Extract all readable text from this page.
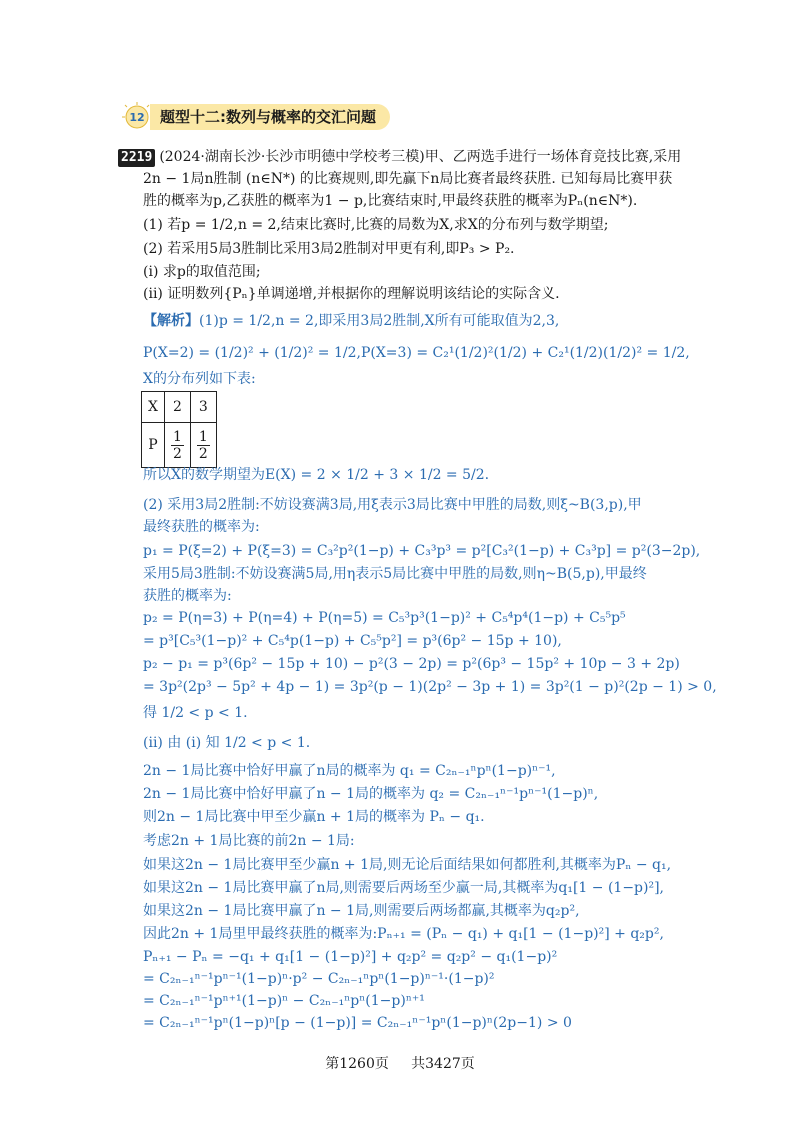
12	题型十二:数列与概率的交汇问题
2219 (2024·湖南长沙·长沙市明德中学校考三模)甲、乙两选手进行一场体育竞技比赛,采用
2n − 1局n胜制 (n∈N*) 的比赛规则,即先赢下n局比赛者最终获胜. 已知每局比赛甲获
胜的概率为p,乙获胜的概率为1 − p,比赛结束时,甲最终获胜的概率为Pₙ(n∈N*).
(1) 若p = 1/2,n = 2,结束比赛时,比赛的局数为X,求X的分布列与数学期望;
(2) 若采用5局3胜制比采用3局2胜制对甲更有利,即P₃ > P₂.
(i) 求p的取值范围;
(ii) 证明数列{Pₙ}单调递增,并根据你的理解说明该结论的实际含义.
【解析】(1)p = 1/2,n = 2,即采用3局2胜制,X所有可能取值为2,3,
P(X=2) = (1/2)² + (1/2)² = 1/2,P(X=3) = C₂¹(1/2)²(1/2) + C₂¹(1/2)(1/2)² = 1/2,
X的分布列如下表:
X	2	3
P	$\frac{1}{2}$	$\frac{1}{2}$
所以X的数学期望为E(X) = 2 × 1/2 + 3 × 1/2 = 5/2.
(2) 采用3局2胜制:不妨设赛满3局,用ξ表示3局比赛中甲胜的局数,则ξ~B(3,p),甲
最终获胜的概率为:
p₁ = P(ξ=2) + P(ξ=3) = C₃²p²(1−p) + C₃³p³ = p²[C₃²(1−p) + C₃³p] = p²(3−2p),
采用5局3胜制:不妨设赛满5局,用η表示5局比赛中甲胜的局数,则η~B(5,p),甲最终
获胜的概率为:
p₂ = P(η=3) + P(η=4) + P(η=5) = C₅³p³(1−p)² + C₅⁴p⁴(1−p) + C₅⁵p⁵
= p³[C₅³(1−p)² + C₅⁴p(1−p) + C₅⁵p²] = p³(6p² − 15p + 10),
p₂ − p₁ = p³(6p² − 15p + 10) − p²(3 − 2p) = p²(6p³ − 15p² + 10p − 3 + 2p)
= 3p²(2p³ − 5p² + 4p − 1) = 3p²(p − 1)(2p² − 3p + 1) = 3p²(1 − p)²(2p − 1) > 0,
得 1/2 < p < 1.
(ii) 由 (i) 知 1/2 < p < 1.
2n − 1局比赛中恰好甲赢了n局的概率为 q₁ = C₂ₙ₋₁ⁿpⁿ(1−p)ⁿ⁻¹,
2n − 1局比赛中恰好甲赢了n − 1局的概率为 q₂ = C₂ₙ₋₁ⁿ⁻¹pⁿ⁻¹(1−p)ⁿ,
则2n − 1局比赛中甲至少赢n + 1局的概率为 Pₙ − q₁.
考虑2n + 1局比赛的前2n − 1局:
如果这2n − 1局比赛甲至少赢n + 1局,则无论后面结果如何都胜利,其概率为Pₙ − q₁,
如果这2n − 1局比赛甲赢了n局,则需要后两场至少赢一局,其概率为q₁[1 − (1−p)²],
如果这2n − 1局比赛甲赢了n − 1局,则需要后两场都赢,其概率为q₂p²,
因此2n + 1局里甲最终获胜的概率为:Pₙ₊₁ = (Pₙ − q₁) + q₁[1 − (1−p)²] + q₂p²,
Pₙ₊₁ − Pₙ = −q₁ + q₁[1 − (1−p)²] + q₂p² = q₂p² − q₁(1−p)²
= C₂ₙ₋₁ⁿ⁻¹pⁿ⁻¹(1−p)ⁿ·p² − C₂ₙ₋₁ⁿpⁿ(1−p)ⁿ⁻¹·(1−p)²
= C₂ₙ₋₁ⁿ⁻¹pⁿ⁺¹(1−p)ⁿ − C₂ₙ₋₁ⁿpⁿ(1−p)ⁿ⁺¹
= C₂ₙ₋₁ⁿ⁻¹pⁿ(1−p)ⁿ[p − (1−p)] = C₂ₙ₋₁ⁿ⁻¹pⁿ(1−p)ⁿ(2p−1) > 0
第1260页 共3427页
